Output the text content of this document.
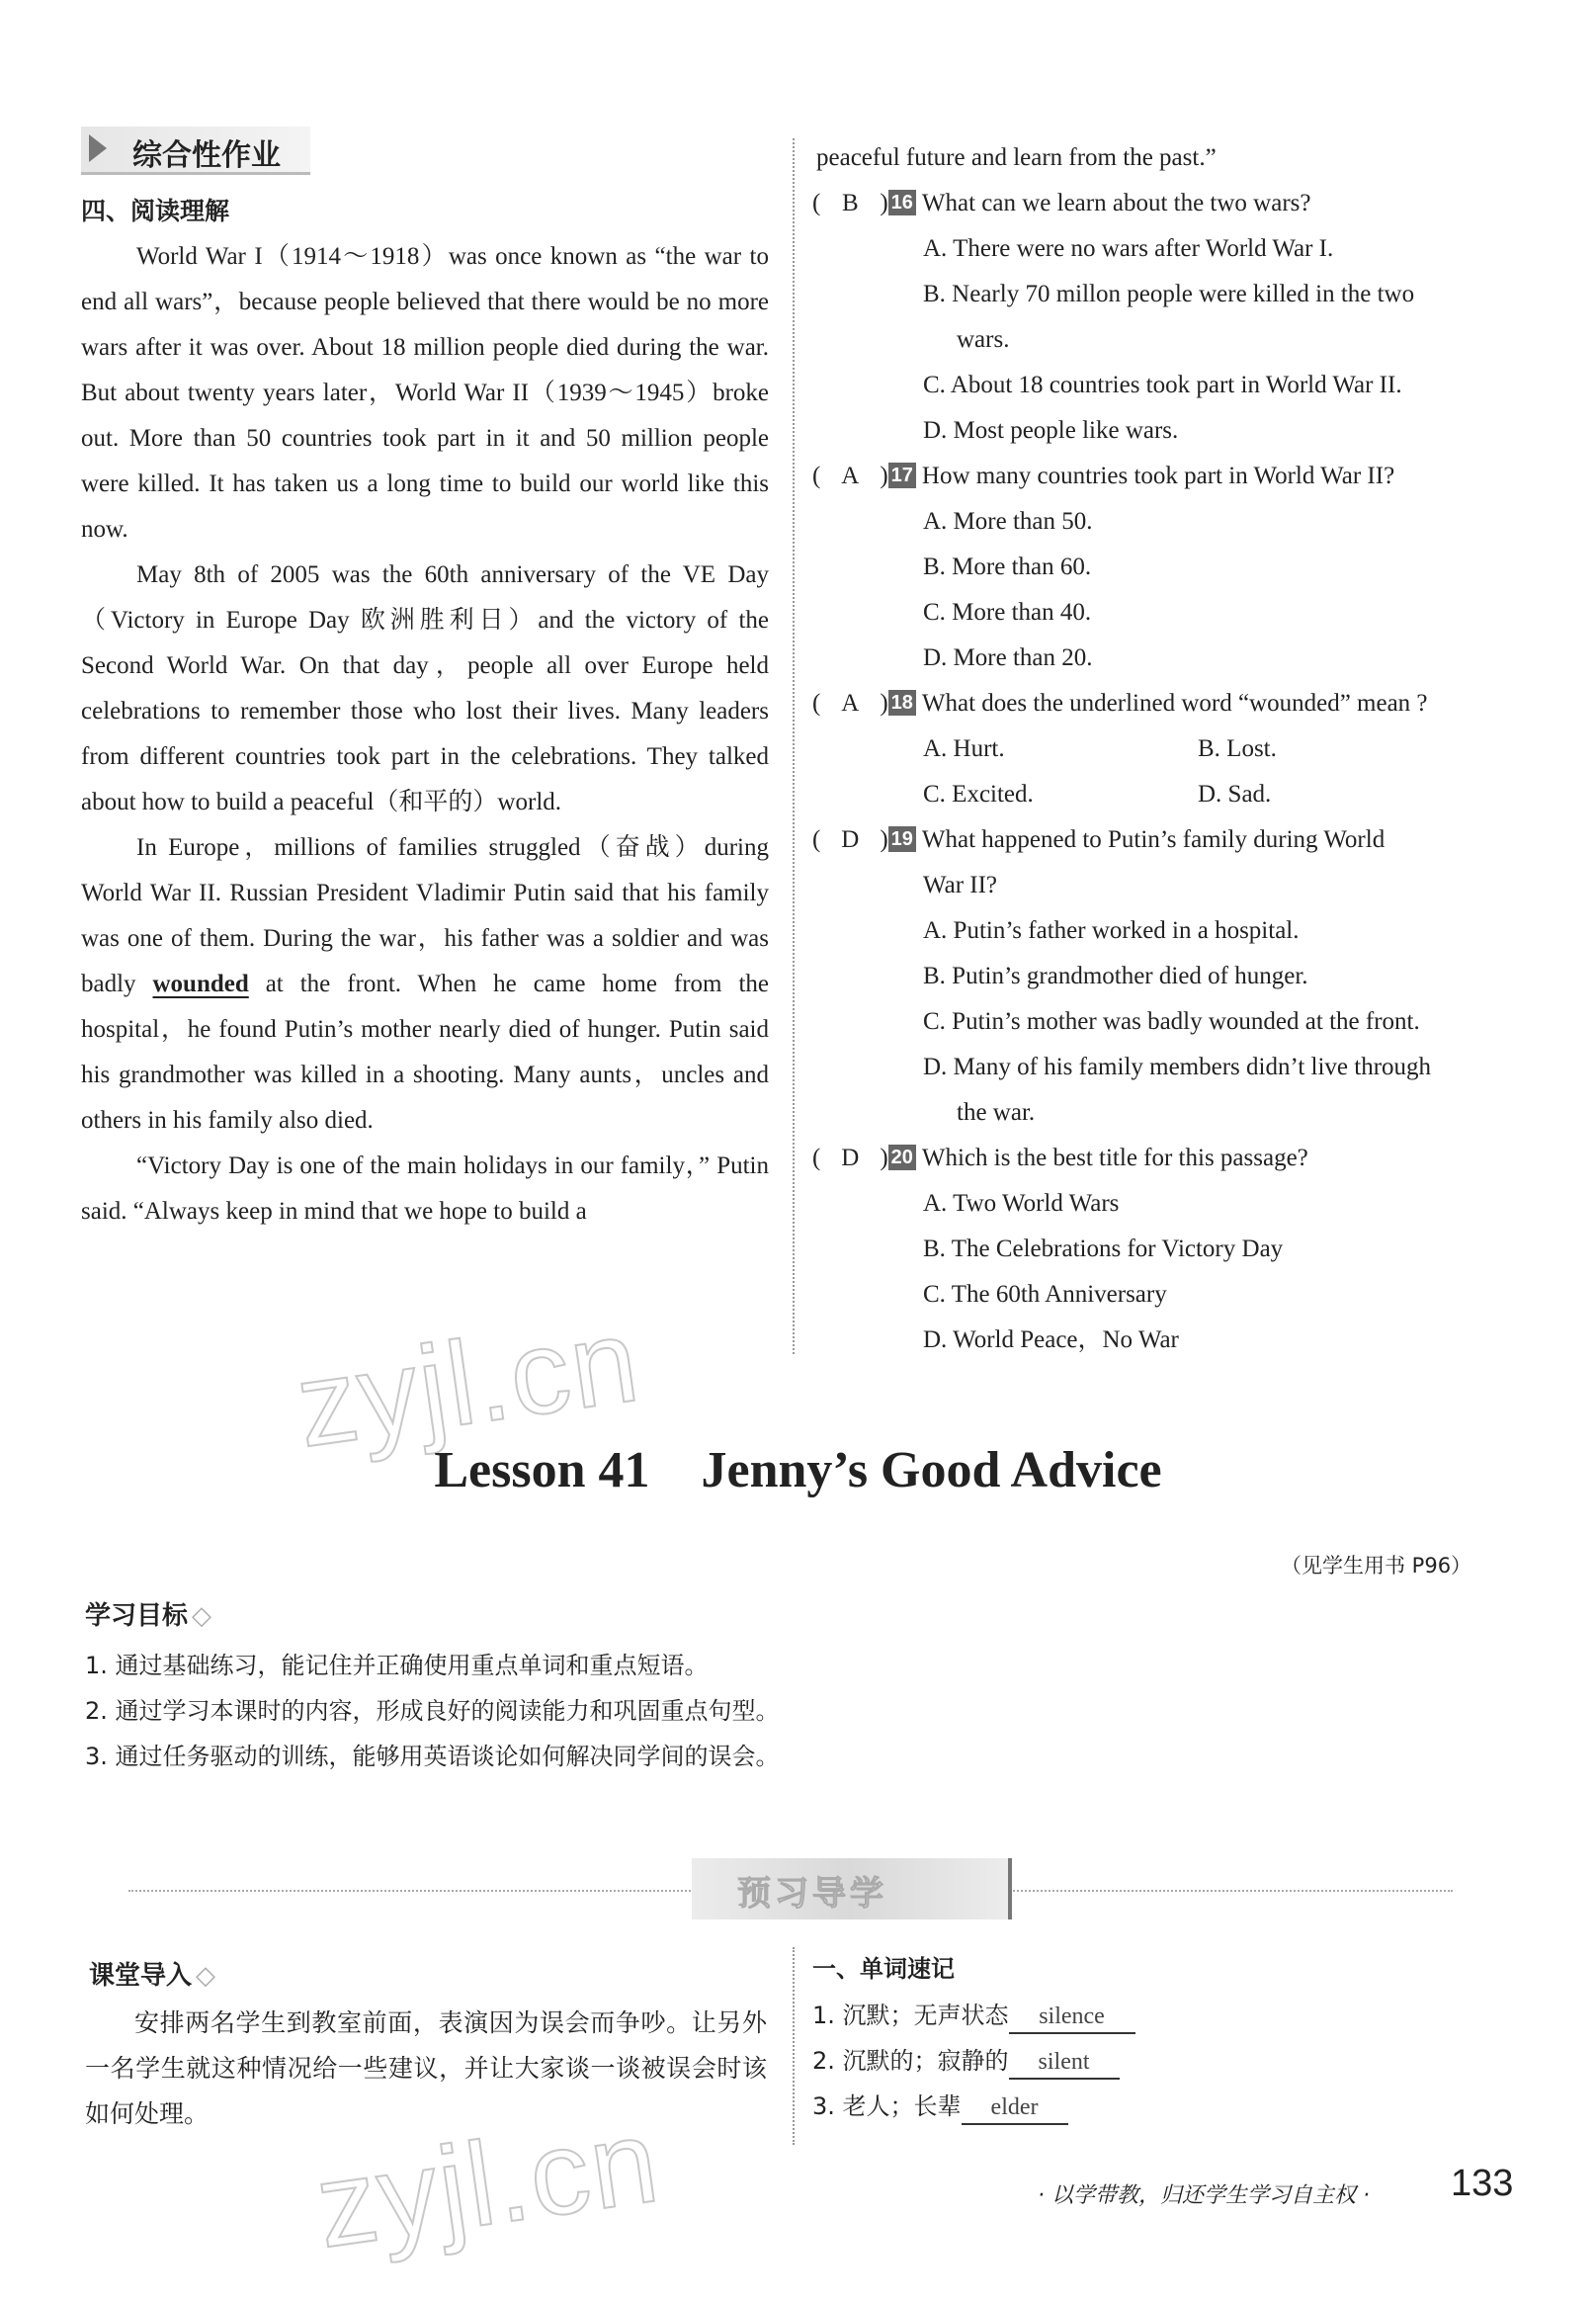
综合性作业
四、阅读理解

World War I（1914～1918）was once known as “the war to end all wars”，because people believed that there would be no more wars after it was over. About 18 million people died during the war. But about twenty years later，World War II（1939～1945）broke out. More than 50 countries took part in it and 50 million people were killed. It has taken us a long time to build our world like this now.

May 8th of 2005 was the 60th anniversary of the VE Day（Victory in Europe Day 欧洲胜利日）and the victory of the Second World War. On that day，people all over Europe held celebrations to remember those who lost their lives. Many leaders from different countries took part in the celebrations. They talked about how to build a peaceful（和平的）world.

In Europe，millions of families struggled（奋战）during World War II. Russian President Vladimir Putin said that his family was one of them. During the war，his father was a soldier and was badly wounded at the front. When he came home from the hospital，he found Putin’s mother nearly died of hunger. Putin said his grandmother was killed in a shooting. Many aunts，uncles and others in his family also died.

“Victory Day is one of the main holidays in our family，” Putin said. “Always keep in mind that we hope to build a

peaceful future and learn from the past.”
( B ) 16 What can we learn about the two wars?
A. There were no wars after World War I.
B. Nearly 70 millon people were killed in the two
wars.
C. About 18 countries took part in World War II.
D. Most people like wars.
( A ) 17 How many countries took part in World War II?
A. More than 50.
B. More than 60.
C. More than 40.
D. More than 20.
( A ) 18 What does the underlined word “wounded” mean ?
A. Hurt.	B. Lost.
C. Excited.	D. Sad.
( D ) 19 What happened to Putin’s family during World
War II?
A. Putin’s father worked in a hospital.
B. Putin’s grandmother died of hunger.
C. Putin’s mother was badly wounded at the front.
D. Many of his family members didn’t live through
the war.
( D ) 20 Which is the best title for this passage?
A. Two World Wars
B. The Celebrations for Victory Day
C. The 60th Anniversary
D. World Peace，No War
zyjl.cn
Lesson 41    Jenny’s Good Advice
（见学生用书 P96）
学习目标 ◇
1. 通过基础练习，能记住并正确使用重点单词和重点短语。
2. 通过学习本课时的内容，形成良好的阅读能力和巩固重点句型。
3. 通过任务驱动的训练，能够用英语谈论如何解决同学间的误会。
预习导学
课堂导入 ◇
安排两名学生到教室前面，表演因为误会而争吵。让另外一名学生就这种情况给一些建议，并让大家谈一谈被误会时该如何处理。
一、单词速记
1. 沉默；无声状态 silence
2. 沉默的；寂静的 silent
3. 老人；长辈 elder
zyjl.cn	· 以学带教，归还学生学习自主权 · 133
